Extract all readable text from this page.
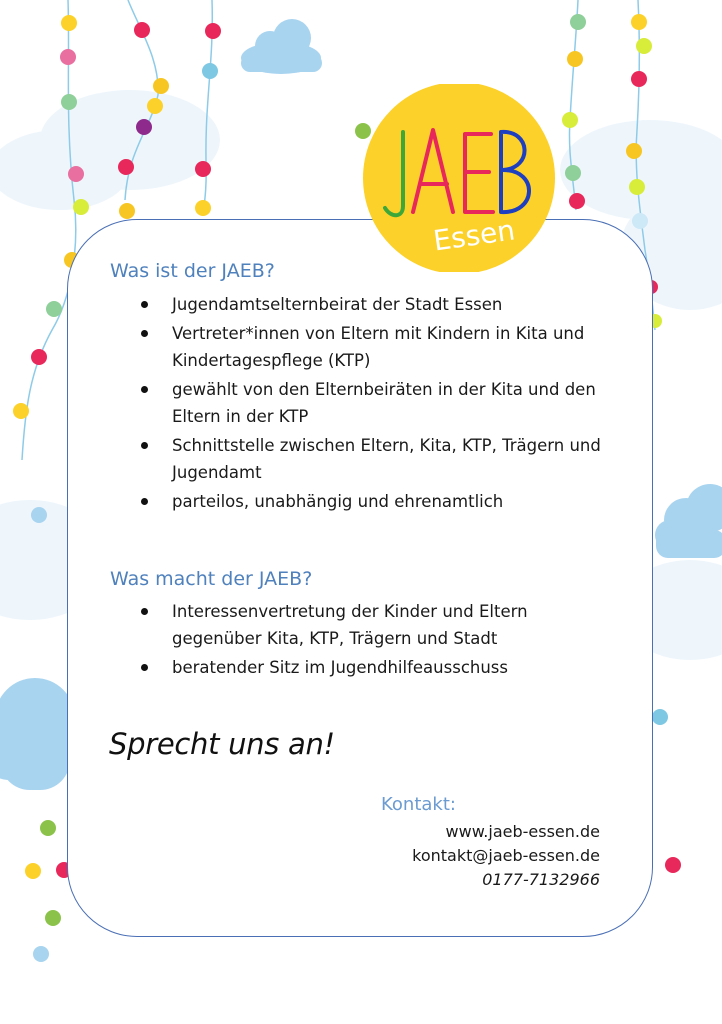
Essen
Was ist der JAEB?
Jugendamtselternbeirat der Stadt Essen
Vertreter*innen von Eltern mit Kindern in Kita und
Kindertagespflege (KTP)
gewählt von den Elternbeiräten in der Kita und den
Eltern in der KTP
Schnittstelle zwischen Eltern, Kita, KTP, Trägern und
Jugendamt
parteilos, unabhängig und ehrenamtlich
Was macht der JAEB?
Interessenvertretung der Kinder und Eltern
gegenüber Kita, KTP, Trägern und Stadt
beratender Sitz im Jugendhilfeausschuss
Sprecht uns an!
Kontakt:
www.jaeb-essen.de
kontakt@jaeb-essen.de
0177-7132966
